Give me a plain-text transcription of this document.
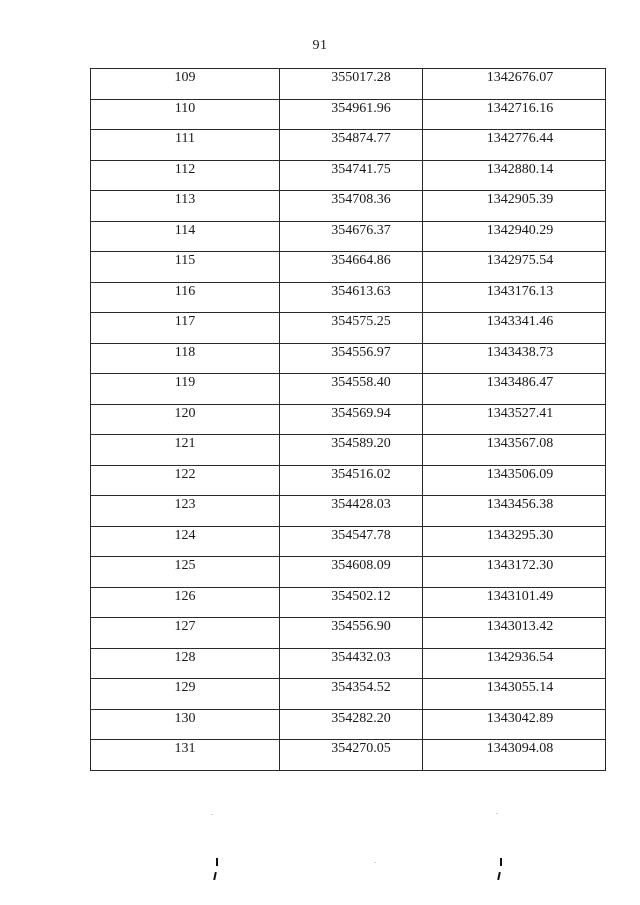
91
109	355017.28	1342676.07
110	354961.96	1342716.16
111	354874.77	1342776.44
112	354741.75	1342880.14
113	354708.36	1342905.39
114	354676.37	1342940.29
115	354664.86	1342975.54
116	354613.63	1343176.13
117	354575.25	1343341.46
118	354556.97	1343438.73
119	354558.40	1343486.47
120	354569.94	1343527.41
121	354589.20	1343567.08
122	354516.02	1343506.09
123	354428.03	1343456.38
124	354547.78	1343295.30
125	354608.09	1343172.30
126	354502.12	1343101.49
127	354556.90	1343013.42
128	354432.03	1342936.54
129	354354.52	1343055.14
130	354282.20	1343042.89
131	354270.05	1343094.08
․	․
․
